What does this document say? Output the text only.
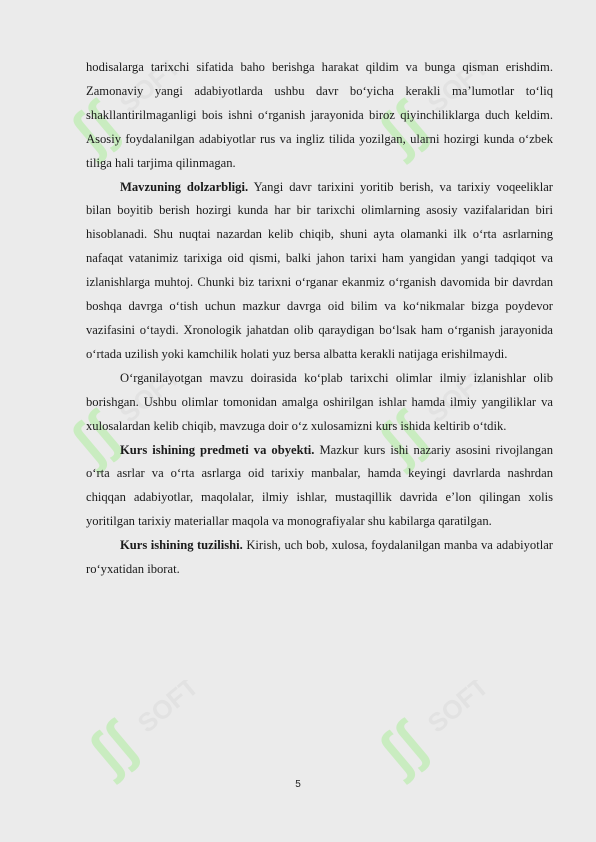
ʃʃ
SOFT
ʃʃ
SOFT
ʃʃ
SOFT
ʃʃ
SOFT
ʃʃ
SOFT
ʃʃ
SOFT

hodisalarga tarixchi sifatida baho berishga harakat qildim va bunga qisman erishdim. Zamonaviy yangi adabiyotlarda ushbu davr bo‘yicha kerakli ma’lumotlar to‘liq shakllantirilmaganligi bois ishni o‘rganish jarayonida biroz qiyinchiliklarga duch keldim. Asosiy foydalanilgan adabiyotlar rus va ingliz tilida yozilgan, ularni hozirgi kunda o‘zbek tiliga hali tarjima qilinmagan.

Mavzuning dolzarbligi. Yangi davr tarixini yoritib berish, va tarixiy voqeeliklar bilan boyitib berish hozirgi kunda har bir tarixchi olimlarning asosiy vazifalaridan biri hisoblanadi. Shu nuqtai nazardan kelib chiqib, shuni ayta olamanki ilk o‘rta asrlarning nafaqat vatanimiz tarixiga oid qismi, balki jahon tarixi ham yangidan yangi tadqiqot va izlanishlarga muhtoj. Chunki biz tarixni o‘rganar ekanmiz o‘rganish davomida bir davrdan boshqa davrga o‘tish uchun mazkur davrga oid bilim va ko‘nikmalar bizga poydevor vazifasini o‘taydi. Xronologik jahatdan olib qaraydigan bo‘lsak ham o‘rganish jarayonida o‘rtada uzilish yoki kamchilik holati yuz bersa albatta kerakli natijaga erishilmaydi.

O‘rganilayotgan mavzu doirasida ko‘plab tarixchi olimlar ilmiy izlanishlar olib borishgan. Ushbu olimlar tomonidan amalga oshirilgan ishlar hamda ilmiy yangiliklar va xulosalardan kelib chiqib, mavzuga doir o‘z xulosamizni kurs ishida keltirib o‘tdik.

Kurs ishining predmeti va obyekti. Mazkur kurs ishi nazariy asosini rivojlangan o‘rta asrlar va o‘rta asrlarga oid tarixiy manbalar, hamda keyingi davrlarda nashrdan chiqqan adabiyotlar, maqolalar, ilmiy ishlar, mustaqillik davrida e’lon qilingan xolis yoritilgan tarixiy materiallar maqola va monografiyalar shu kabilarga qaratilgan.

Kurs ishining tuzilishi. Kirish, uch bob, xulosa, foydalanilgan manba va adabiyotlar ro‘yxatidan iborat.

5
